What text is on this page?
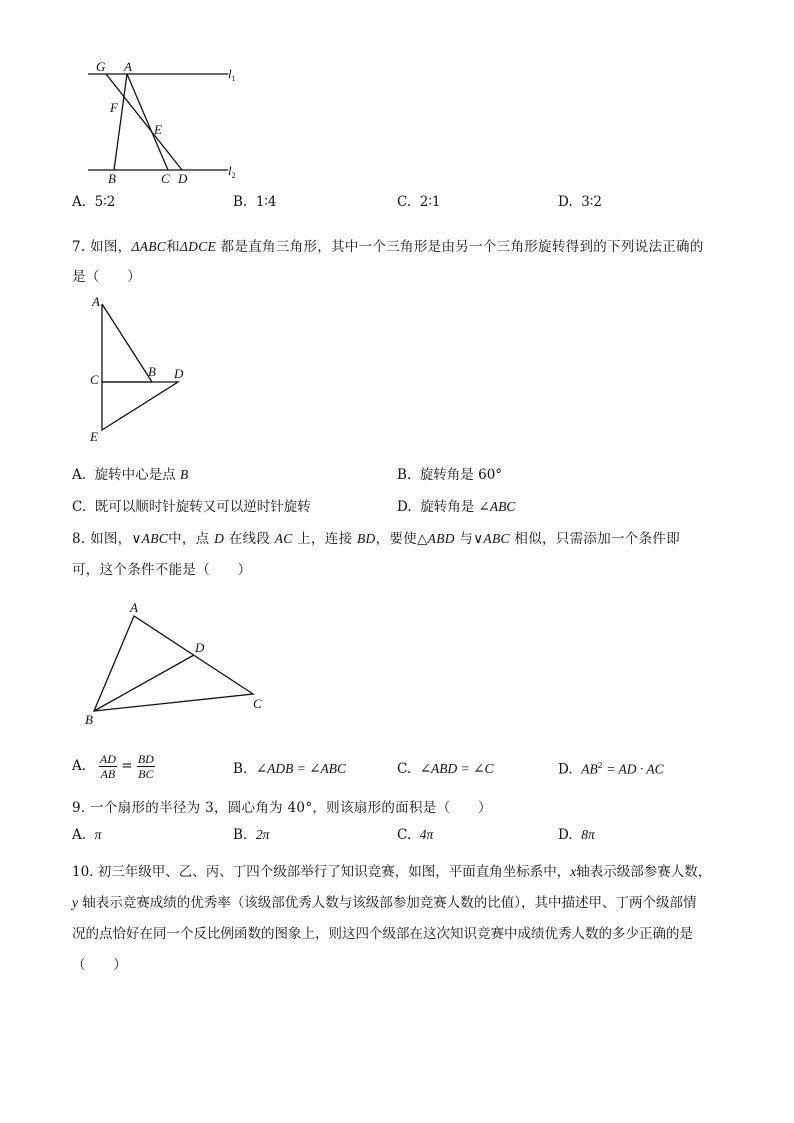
G A	$l_1$
F
E
B	C D
$l_2$
A. 5∶2	B. 1∶4	C. 2∶1	D. 3∶2
7. 如图，ΔABC和ΔDCE 都是直角三角形，其中一个三角形是由另一个三角形旋转得到的下列说法正确的
是（　　）
A
B
C	D
E
A. 旋转中心是点 B	B. 旋转角是 60°
C. 既可以顺时针旋转又可以逆时针旋转	D. 旋转角是 ∠ABC
8. 如图，∨ABC中，点 D 在线段 AC 上，连接 BD，要使△ABD 与∨ABC 相似，只需添加一个条件即
可，这个条件不能是（　　）
A
D
B
C
A. $\frac{AD}{AB} = \frac{BD}{BC}$	B. ∠ADB = ∠ABC	C. ∠ABD = ∠C	D. $AB^2$ = AD · AC
9. 一个扇形的半径为 3，圆心角为 40°，则该扇形的面积是（　　）
A. π	B. 2π	C. 4π	D. 8π
10. 初三年级甲、乙、丙、丁四个级部举行了知识竞赛，如图，平面直角坐标系中，x轴表示级部参赛人数，
y 轴表示竞赛成绩的优秀率（该级部优秀人数与该级部参加竞赛人数的比值），其中描述甲、丁两个级部情
况的点恰好在同一个反比例函数的图象上，则这四个级部在这次知识竞赛中成绩优秀人数的多少正确的是
（　　）
